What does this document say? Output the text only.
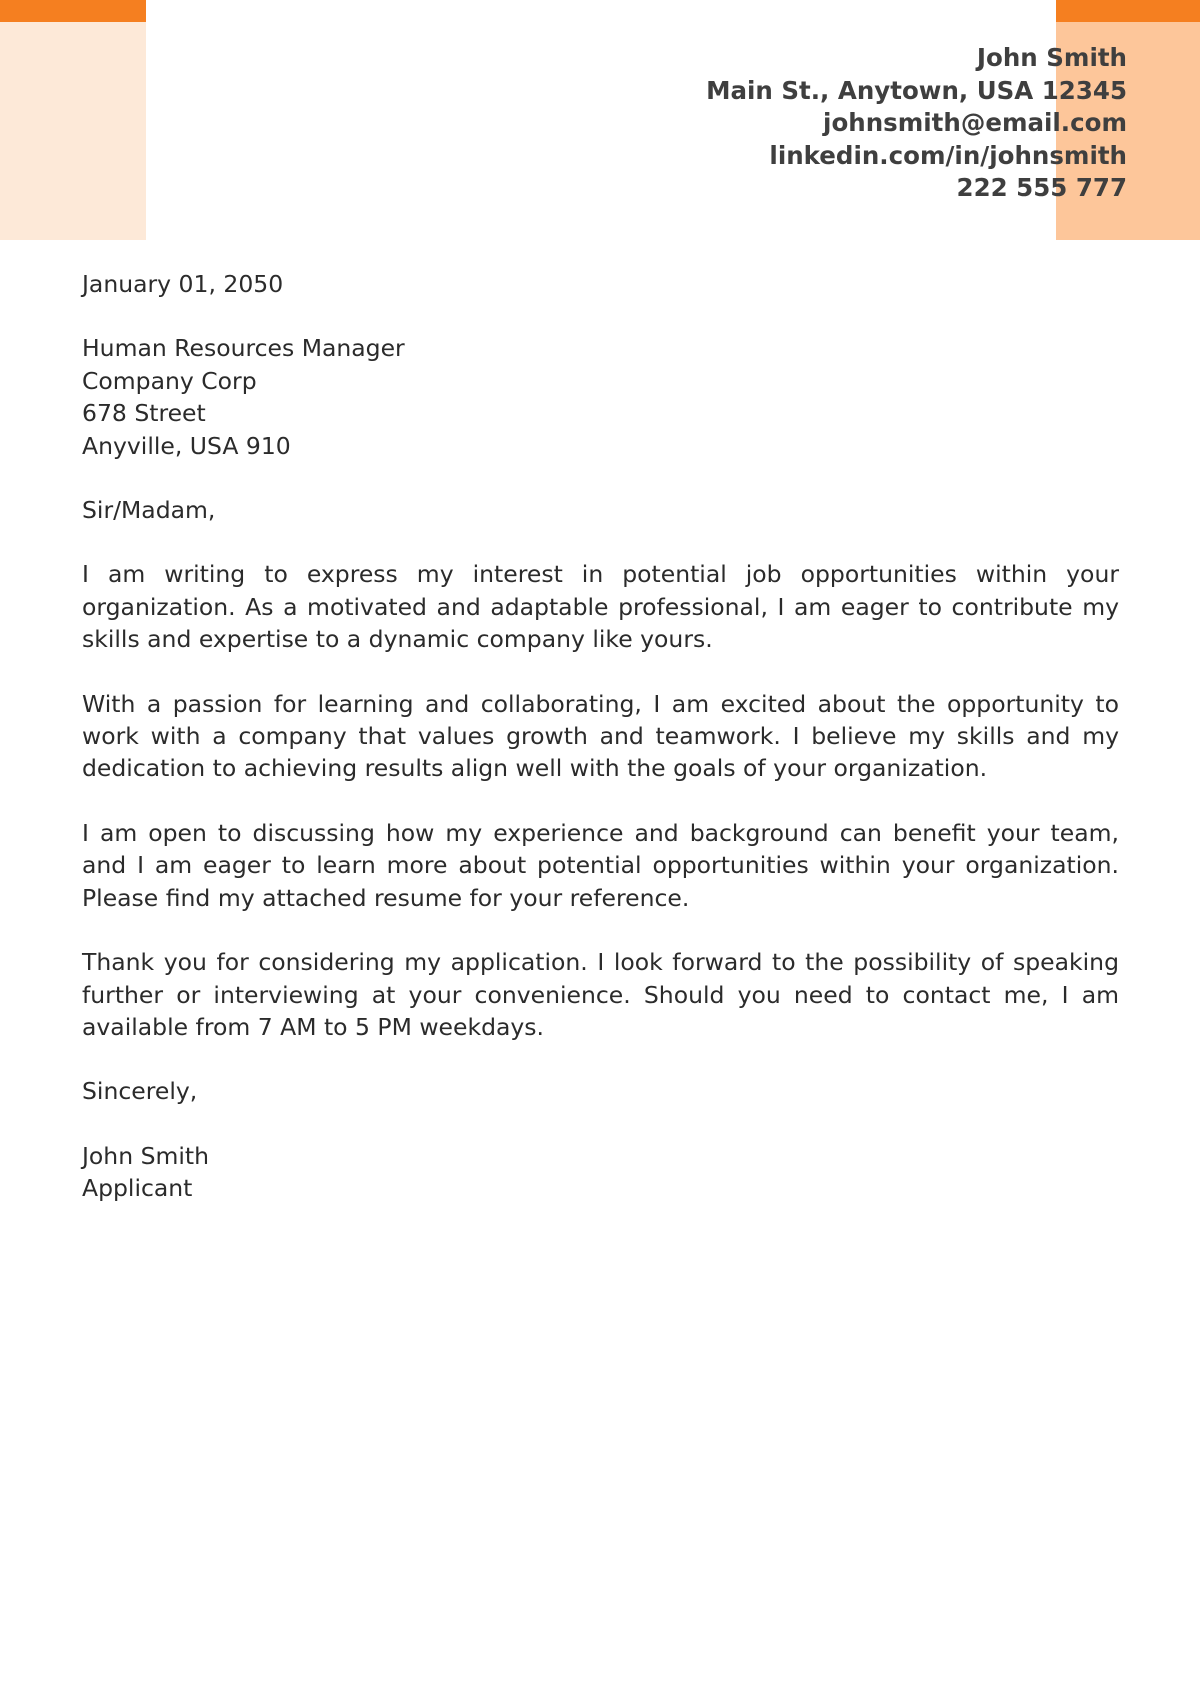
John Smith
Main St., Anytown, USA 12345
johnsmith@email.com
linkedin.com/in/johnsmith
222 555 777
January 01, 2050
Human Resources Manager
Company Corp
678 Street
Anyville, USA 910
Sir/Madam,

I am writing to express my interest in potential job opportunities within your organization. As a motivated and adaptable professional, I am eager to contribute my skills and expertise to a dynamic company like yours.

With a passion for learning and collaborating, I am excited about the opportunity to work with a company that values growth and teamwork. I believe my skills and my dedication to achieving results align well with the goals of your organization.

I am open to discussing how my experience and background can benefit your team, and I am eager to learn more about potential opportunities within your organization. Please find my attached resume for your reference.

Thank you for considering my application. I look forward to the possibility of speaking further or interviewing at your convenience. Should you need to contact me, I am available from 7 AM to 5 PM weekdays.

Sincerely,
John Smith
Applicant
